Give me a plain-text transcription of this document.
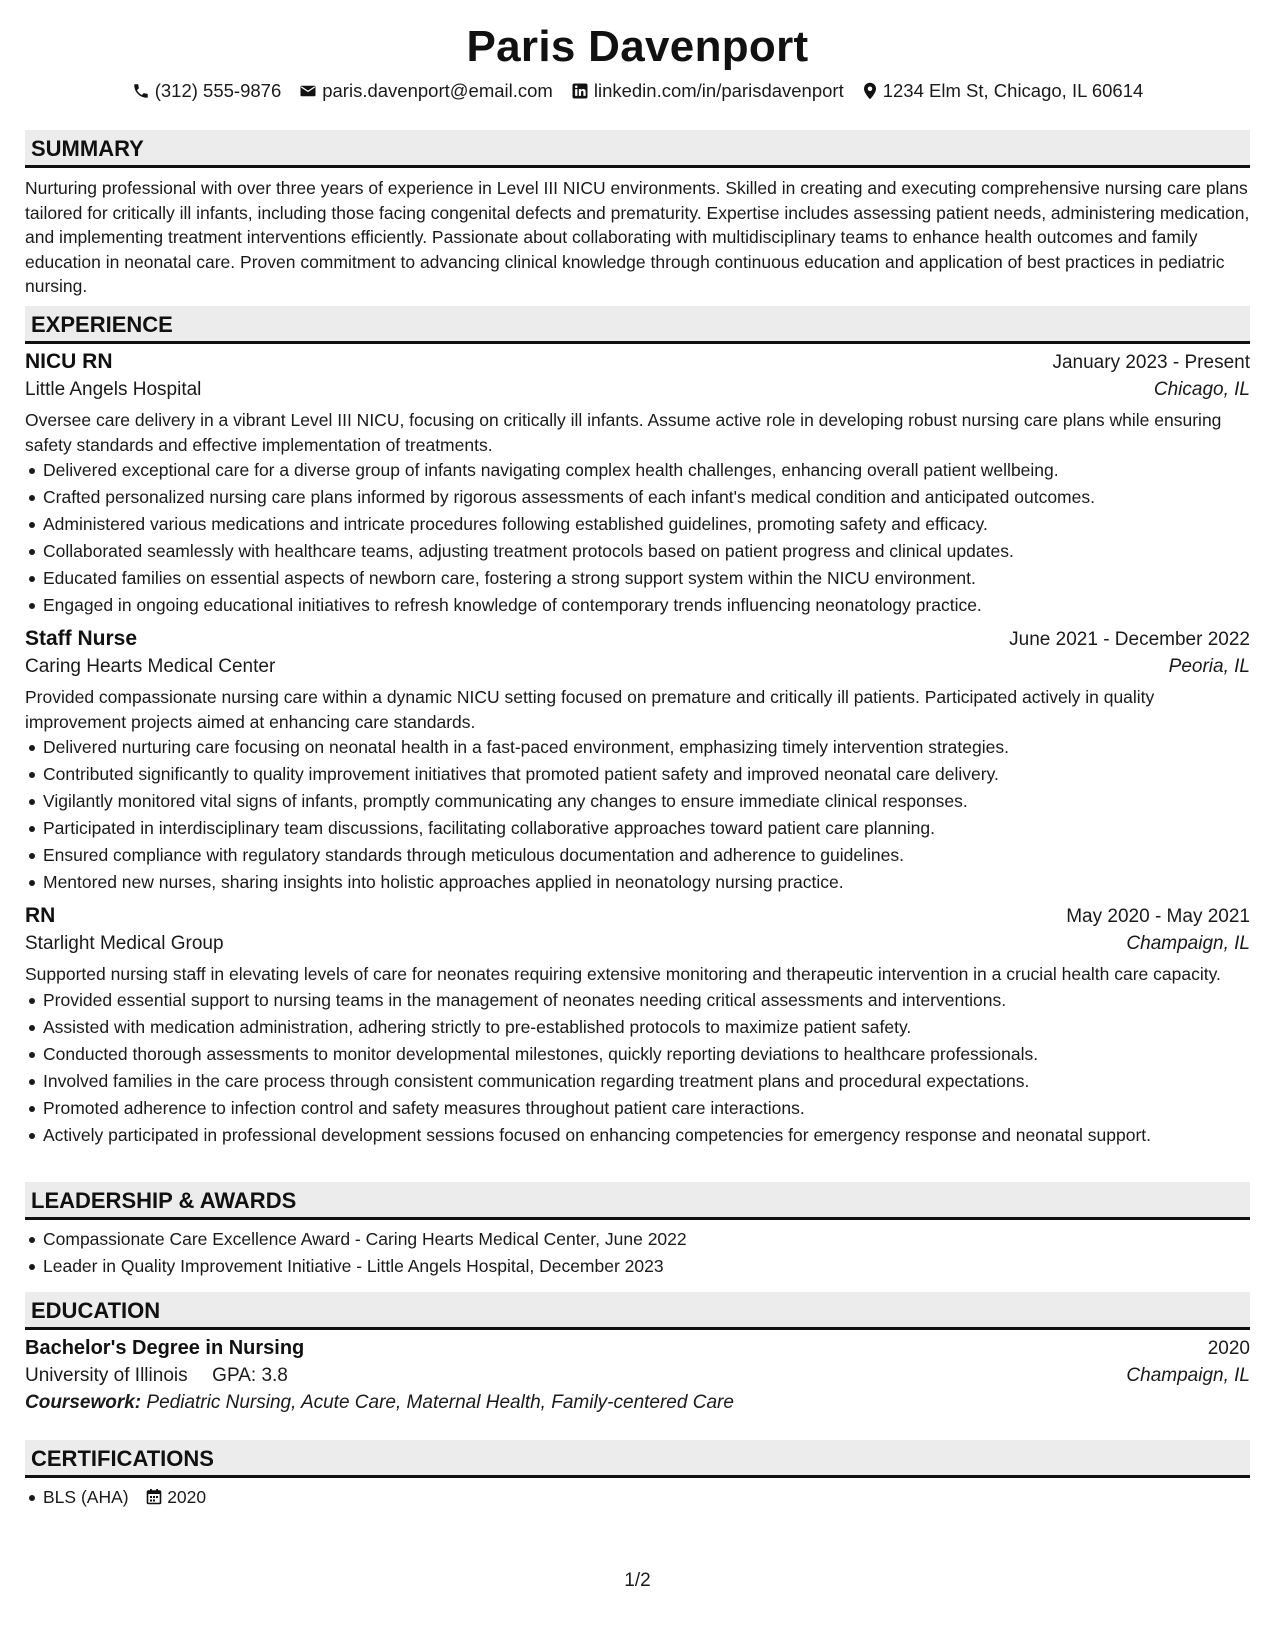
Paris Davenport
(312) 555-9876 paris.davenport@email.com linkedin.com/in/parisdavenport 1234 Elm St, Chicago, IL 60614
SUMMARY
Nurturing professional with over three years of experience in Level III NICU environments. Skilled in creating and executing comprehensive nursing care plans tailored for critically ill infants, including those facing congenital defects and prematurity. Expertise includes assessing patient needs, administering medication, and implementing treatment interventions efficiently. Passionate about collaborating with multidisciplinary teams to enhance health outcomes and family education in neonatal care. Proven commitment to advancing clinical knowledge through continuous education and application of best practices in pediatric nursing.
EXPERIENCE
NICU RN	January 2023 - Present
Little Angels Hospital	Chicago, IL
Oversee care delivery in a vibrant Level III NICU, focusing on critically ill infants. Assume active role in developing robust nursing care plans while ensuring safety standards and effective implementation of treatments.
Delivered exceptional care for a diverse group of infants navigating complex health challenges, enhancing overall patient wellbeing.
Crafted personalized nursing care plans informed by rigorous assessments of each infant's medical condition and anticipated outcomes.
Administered various medications and intricate procedures following established guidelines, promoting safety and efficacy.
Collaborated seamlessly with healthcare teams, adjusting treatment protocols based on patient progress and clinical updates.
Educated families on essential aspects of newborn care, fostering a strong support system within the NICU environment.
Engaged in ongoing educational initiatives to refresh knowledge of contemporary trends influencing neonatology practice.
Staff Nurse	June 2021 - December 2022
Caring Hearts Medical Center	Peoria, IL
Provided compassionate nursing care within a dynamic NICU setting focused on premature and critically ill patients. Participated actively in quality improvement projects aimed at enhancing care standards.
Delivered nurturing care focusing on neonatal health in a fast-paced environment, emphasizing timely intervention strategies.
Contributed significantly to quality improvement initiatives that promoted patient safety and improved neonatal care delivery.
Vigilantly monitored vital signs of infants, promptly communicating any changes to ensure immediate clinical responses.
Participated in interdisciplinary team discussions, facilitating collaborative approaches toward patient care planning.
Ensured compliance with regulatory standards through meticulous documentation and adherence to guidelines.
Mentored new nurses, sharing insights into holistic approaches applied in neonatology nursing practice.
RN	May 2020 - May 2021
Starlight Medical Group	Champaign, IL
Supported nursing staff in elevating levels of care for neonates requiring extensive monitoring and therapeutic intervention in a crucial health care capacity.
Provided essential support to nursing teams in the management of neonates needing critical assessments and interventions.
Assisted with medication administration, adhering strictly to pre-established protocols to maximize patient safety.
Conducted thorough assessments to monitor developmental milestones, quickly reporting deviations to healthcare professionals.
Involved families in the care process through consistent communication regarding treatment plans and procedural expectations.
Promoted adherence to infection control and safety measures throughout patient care interactions.
Actively participated in professional development sessions focused on enhancing competencies for emergency response and neonatal support.
LEADERSHIP & AWARDS
Compassionate Care Excellence Award - Caring Hearts Medical Center, June 2022
Leader in Quality Improvement Initiative - Little Angels Hospital, December 2023
EDUCATION
Bachelor's Degree in Nursing	2020
University of Illinois GPA: 3.8	Champaign, IL
Coursework: Pediatric Nursing, Acute Care, Maternal Health, Family-centered Care
CERTIFICATIONS
BLS (AHA) 2020
1/2
